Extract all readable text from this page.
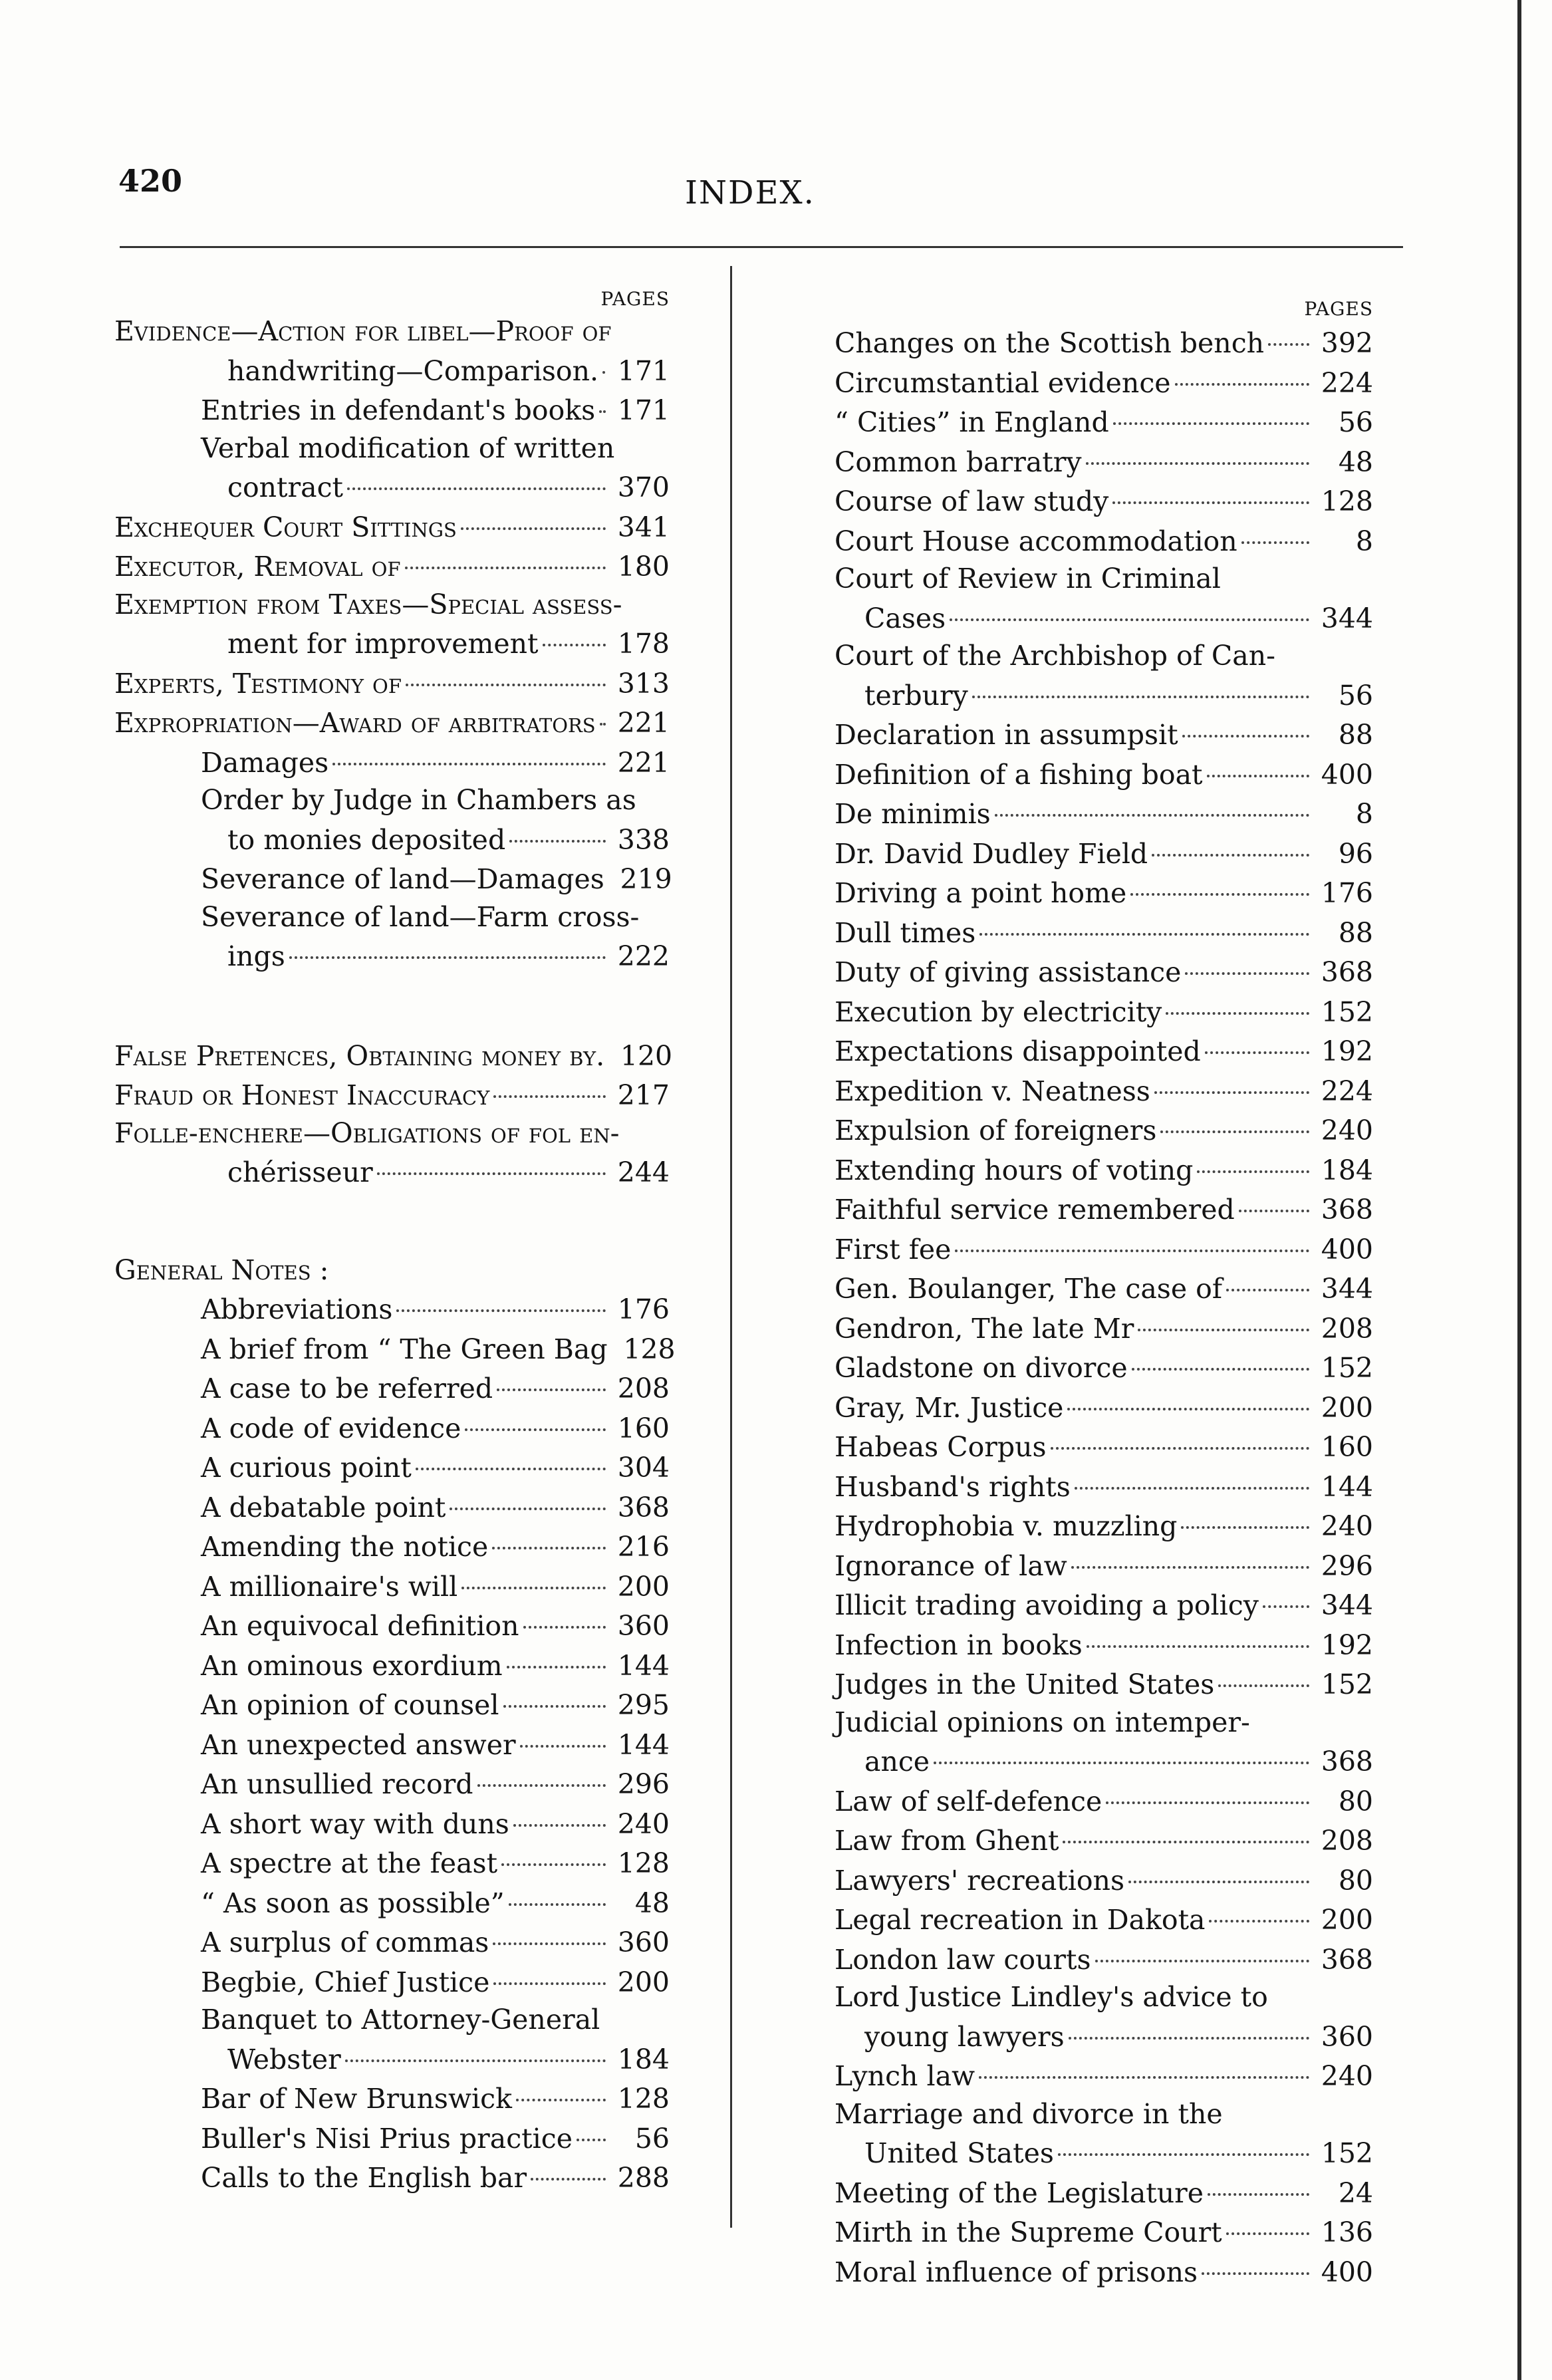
420	INDEX.
PAGES
Evidence—Action for libel—Proof of
handwriting—Comparison. 171
Entries in defendant's books 171
Verbal modification of written
contract	370
Exchequer Court Sittings	341
Executor, Removal of	180
Exemption from Taxes—Special assess-
ment for improvement	178
Experts, Testimony of	313
Expropriation—Award of arbitrators 221
Damages	221
Order by Judge in Chambers as
to monies deposited	338
Severance of land—Damages 219
Severance of land—Farm cross-
ings	222
False Pretences, Obtaining money by. 120
Fraud or Honest Inaccuracy	217
Folle-enchere—Obligations of fol en-
chérisseur	244
General Notes :
Abbreviations	176
A brief from “ The Green Bag 128
A case to be referred	208
A code of evidence	160
A curious point	304
A debatable point	368
Amending the notice	216
A millionaire's will	200
An equivocal definition	360
An ominous exordium	144
An opinion of counsel	295
An unexpected answer	144
An unsullied record	296
A short way with duns	240
A spectre at the feast	128
“ As soon as possible”	48
A surplus of commas	360
Begbie, Chief Justice	200
Banquet to Attorney-General
Webster	184
Bar of New Brunswick	128
Buller's Nisi Prius practice	56
Calls to the English bar	288
PAGES
Changes on the Scottish bench 392
Circumstantial evidence	224
“ Cities” in England	56
Common barratry	48
Course of law study	128
Court House accommodation	8
Court of Review in Criminal
Cases	344
Court of the Archbishop of Can-
terbury	56
Declaration in assumpsit	88
Definition of a fishing boat	400
De minimis	8
Dr. David Dudley Field	96
Driving a point home	176
Dull times	88
Duty of giving assistance	368
Execution by electricity	152
Expectations disappointed	192
Expedition v. Neatness	224
Expulsion of foreigners	240
Extending hours of voting	184
Faithful service remembered	368
First fee	400
Gen. Boulanger, The case of	344
Gendron, The late Mr	208
Gladstone on divorce	152
Gray, Mr. Justice	200
Habeas Corpus	160
Husband's rights	144
Hydrophobia v. muzzling	240
Ignorance of law	296
Illicit trading avoiding a policy 344
Infection in books	192
Judges in the United States	152
Judicial opinions on intemper-
ance	368
Law of self-defence	80
Law from Ghent	208
Lawyers' recreations	80
Legal recreation in Dakota	200
London law courts	368
Lord Justice Lindley's advice to
young lawyers	360
Lynch law	240
Marriage and divorce in the
United States	152
Meeting of the Legislature	24
Mirth in the Supreme Court	136
Moral influence of prisons	400
